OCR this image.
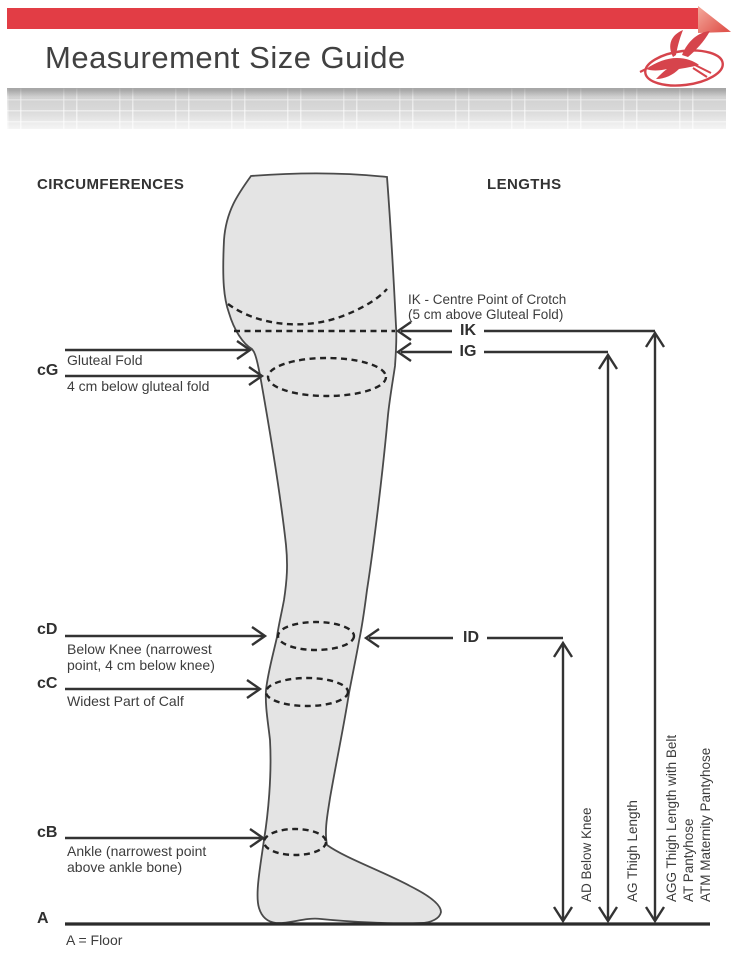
Measurement Size Guide
CIRCUMFERENCES	LENGTHS
cG
Gluteal Fold
4 cm below gluteal fold
cD
Below Knee (narrowest
point, 4 cm below knee)
cC
Widest Part of Calf
cB
Ankle (narrowest point
above ankle bone)
A
A = Floor
IK - Centre Point of Crotch
(5 cm above Gluteal Fold)
IK
IG
ID
AD Below Knee AG Thigh Length AGG Thigh Length with Belt AT Pantyhose ATM Maternity Pantyhose
